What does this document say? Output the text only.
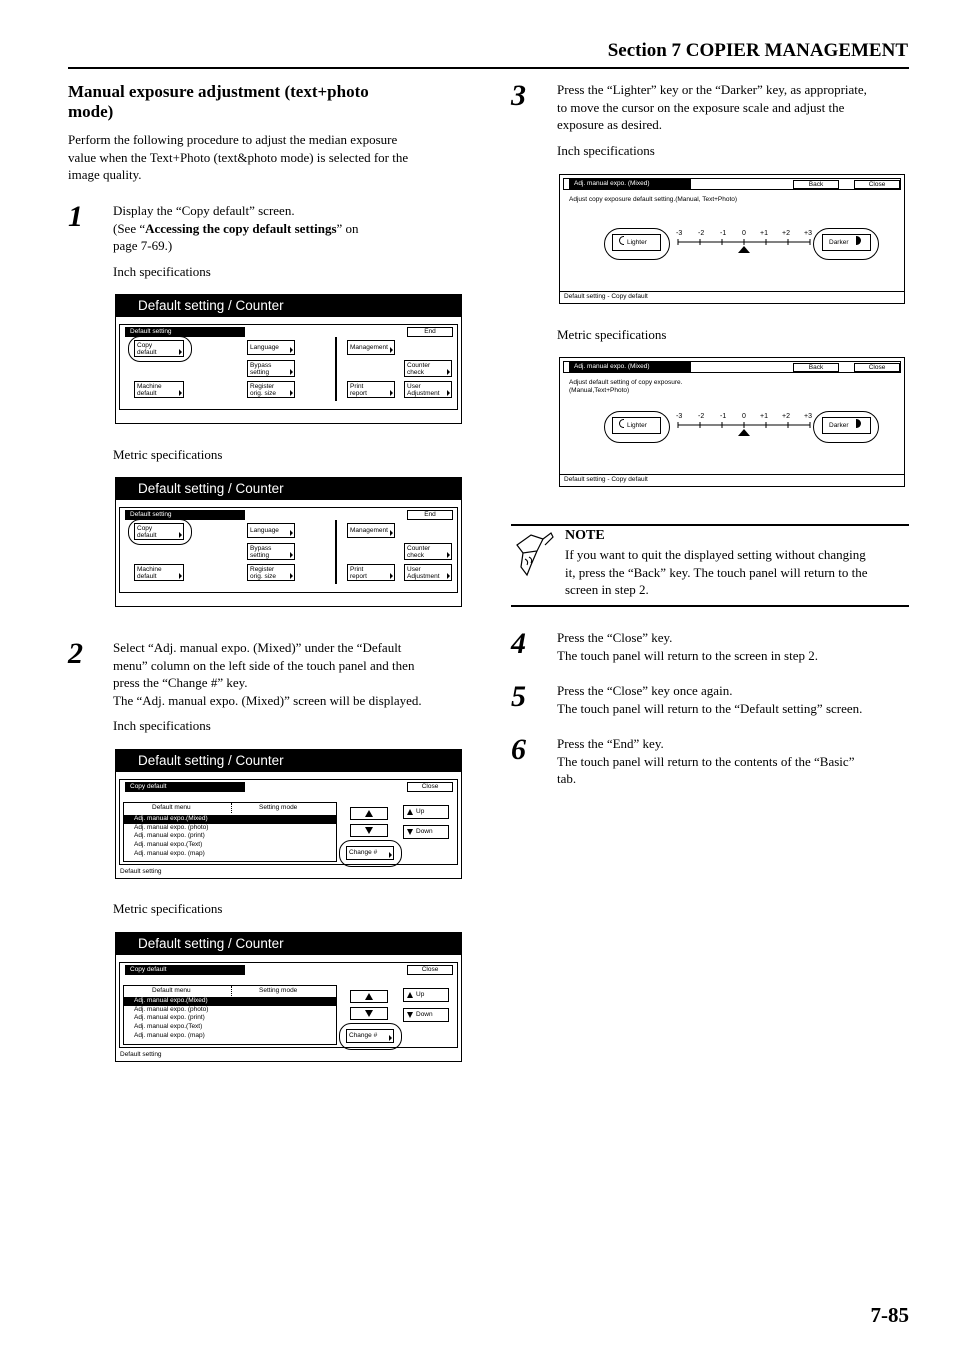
Section 7 COPIER MANAGEMENT
Manual exposure adjustment (text+photo
mode)
Perform the following procedure to adjust the median exposure
value when the Text+Photo (text&photo mode) is selected for the
image quality.
1 Display the “Copy default” screen.
(See “Accessing the copy default settings” on
page 7-69.)
Inch specifications
Default setting / Counter
Default setting	End
Copy
default
Machine
default
Language
Bypass
setting
Register
orig. size
Management
Print
report
Counter
check
User
Adjustment
Metric specifications
Default setting / Counter
Default setting	End
Copy
default
Machine
default
Language
Bypass
setting
Register
orig. size
Management
Print
report
Counter
check
User
Adjustment
2 Select “Adj. manual expo. (Mixed)” under the “Default
menu” column on the left side of the touch panel and then
press the “Change #” key.
The “Adj. manual expo. (Mixed)” screen will be displayed.
Inch specifications
Default setting / Counter
Copy default	Close
Default menu	Setting mode
Adj. manual expo.(Mixed)
Adj. manual expo. (photo)
Adj. manual expo. (print)
Adj. manual expo.(Text)
Adj. manual expo. (map)
Up
Down
Change #
Default setting
Metric specifications
Default setting / Counter
Copy default	Close
Default menu	Setting mode
Adj. manual expo.(Mixed)
Adj. manual expo. (photo)
Adj. manual expo. (print)
Adj. manual expo.(Text)
Adj. manual expo. (map)
Up
Down
Change #
Default setting
3 Press the “Lighter” key or the “Darker” key, as appropriate,
to move the cursor on the exposure scale and adjust the
exposure as desired.
Inch specifications
Adj. manual expo. (Mixed)	Back	Close
Adjust copy exposure default setting.(Manual, Text+Photo)
Lighter	Darker
-3 -2 -1 0 +1 +2 +3
Default setting - Copy default
Metric specifications
Adj. manual expo. (Mixed)	Back	Close
Adjust default setting of copy exposure.
(Manual,Text+Photo)
Lighter	Darker
-3 -2 -1 0 +1 +2 +3
Default setting - Copy default
NOTE
If you want to quit the displayed setting without changing
it, press the “Back” key. The touch panel will return to the
screen in step 2.
4 Press the “Close” key.
The touch panel will return to the screen in step 2.
5 Press the “Close” key once again.
The touch panel will return to the “Default setting” screen.
6 Press the “End” key.
The touch panel will return to the contents of the “Basic”
tab.
7-85
